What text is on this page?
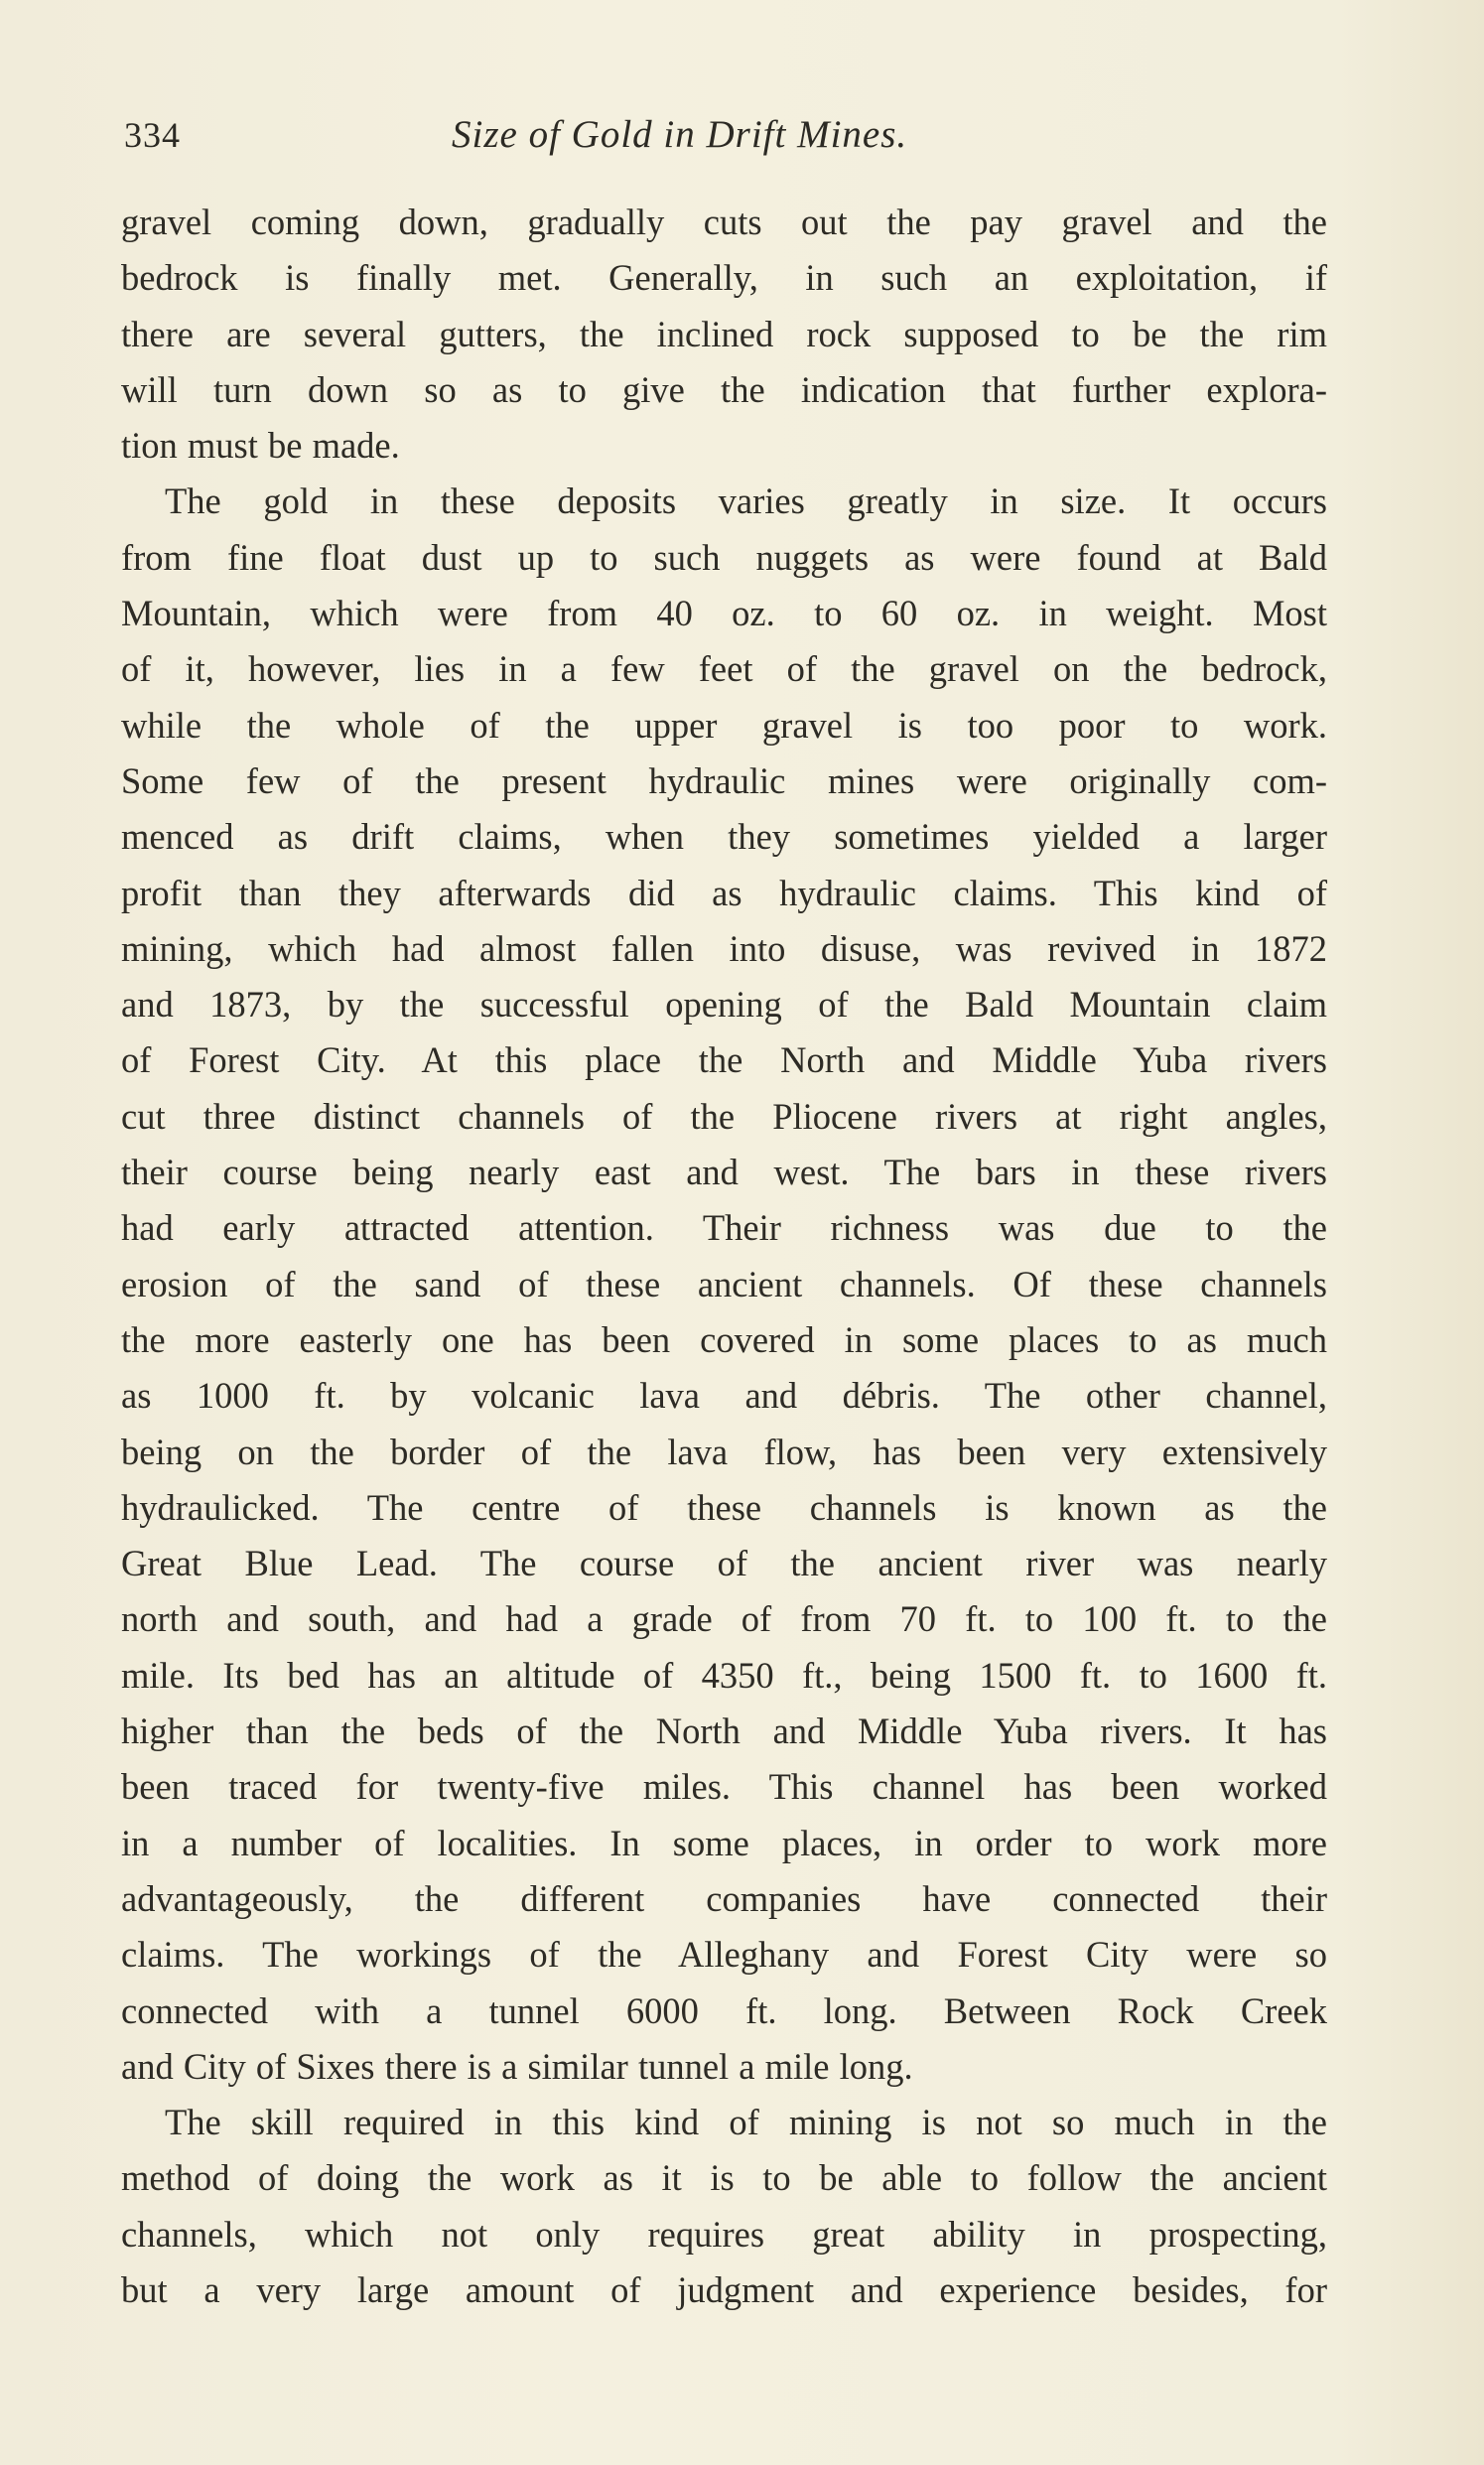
334	Size of Gold in Drift Mines.
gravel coming down, gradually cuts out the pay gravel and the
bedrock is finally met. Generally, in such an exploitation, if
there are several gutters, the inclined rock supposed to be the rim
will turn down so as to give the indication that further explora-
tion must be made.
The gold in these deposits varies greatly in size. It occurs
from fine float dust up to such nuggets as were found at Bald
Mountain, which were from 40 oz. to 60 oz. in weight. Most
of it, however, lies in a few feet of the gravel on the bedrock,
while the whole of the upper gravel is too poor to work.
Some few of the present hydraulic mines were originally com-
menced as drift claims, when they sometimes yielded a larger
profit than they afterwards did as hydraulic claims. This kind of
mining, which had almost fallen into disuse, was revived in 1872
and 1873, by the successful opening of the Bald Mountain claim
of Forest City. At this place the North and Middle Yuba rivers
cut three distinct channels of the Pliocene rivers at right angles,
their course being nearly east and west. The bars in these rivers
had early attracted attention. Their richness was due to the
erosion of the sand of these ancient channels. Of these channels
the more easterly one has been covered in some places to as much
as 1000 ft. by volcanic lava and débris. The other channel,
being on the border of the lava flow, has been very extensively
hydraulicked. The centre of these channels is known as the
Great Blue Lead. The course of the ancient river was nearly
north and south, and had a grade of from 70 ft. to 100 ft. to the
mile. Its bed has an altitude of 4350 ft., being 1500 ft. to 1600 ft.
higher than the beds of the North and Middle Yuba rivers. It has
been traced for twenty-five miles. This channel has been worked
in a number of localities. In some places, in order to work more
advantageously, the different companies have connected their
claims. The workings of the Alleghany and Forest City were so
connected with a tunnel 6000 ft. long. Between Rock Creek
and City of Sixes there is a similar tunnel a mile long.
The skill required in this kind of mining is not so much in the
method of doing the work as it is to be able to follow the ancient
channels, which not only requires great ability in prospecting,
but a very large amount of judgment and experience besides, for
